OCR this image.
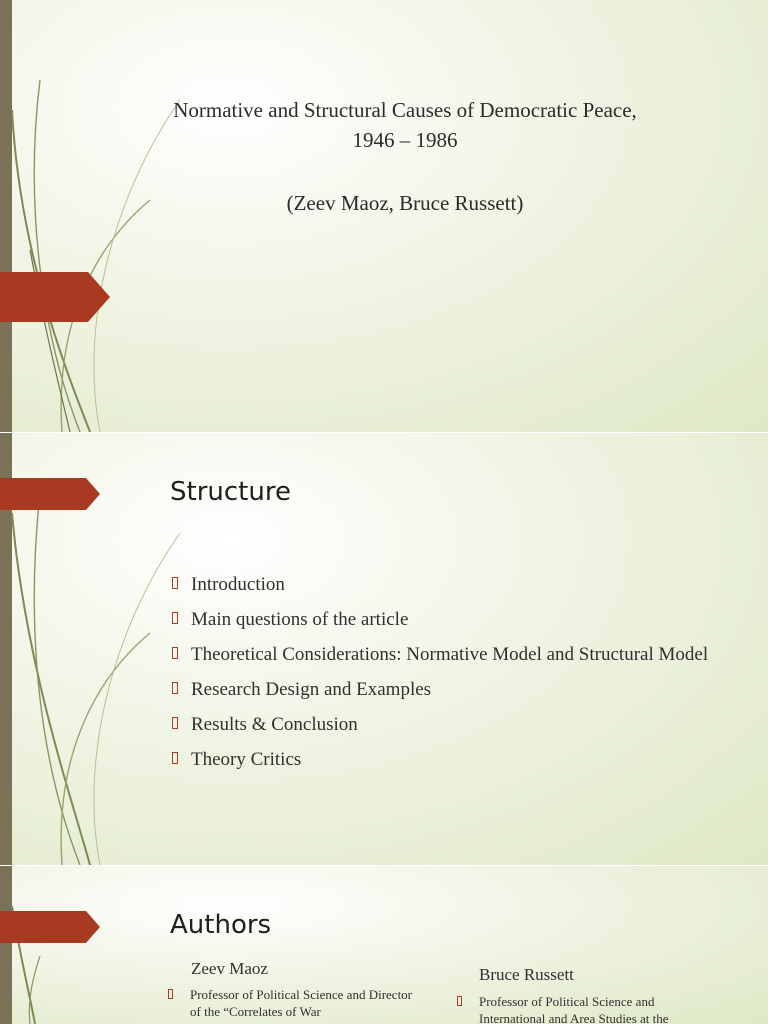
Normative and Structural Causes of Democratic Peace,
1946 – 1986
(Zeev Maoz, Bruce Russett)
Structure
Introduction
Main questions of the article
Theoretical Considerations: Normative Model and Structural Model
Research Design and Examples
Results & Conclusion
Theory Critics
Authors
Zeev Maoz
Professor of Political Science and Director of the “Correlates of War
Bruce Russett
Professor of Political Science and International and Area Studies at the
